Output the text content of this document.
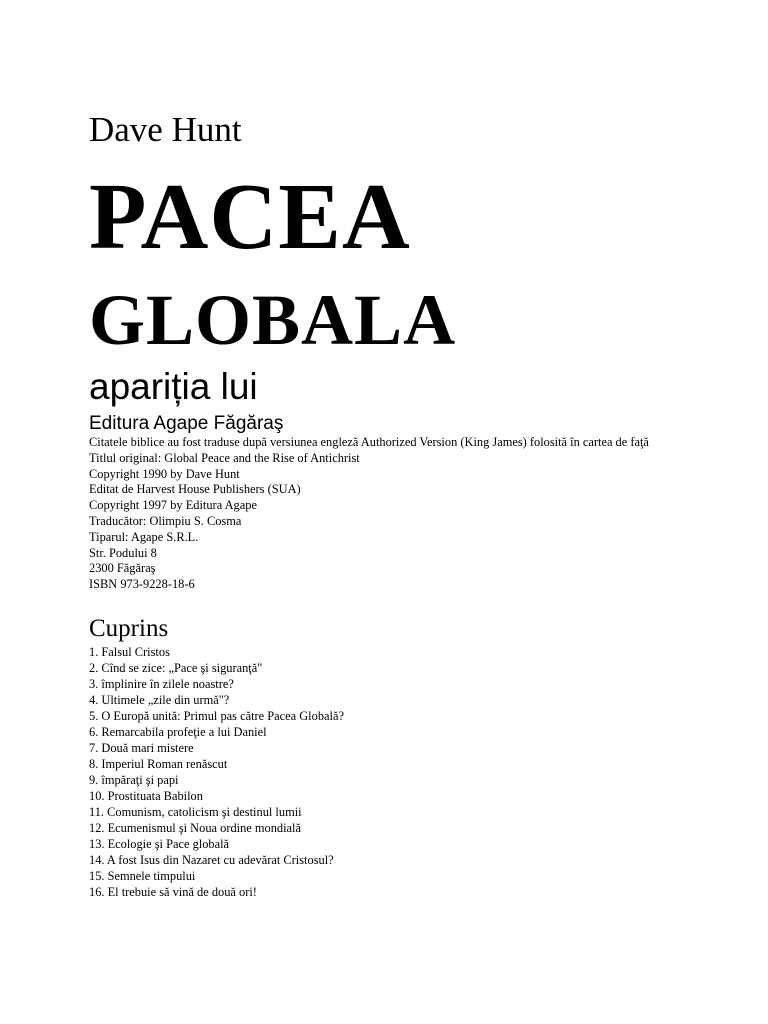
Dave Hunt
PACEA
GLOBALA
apariția lui
Editura Agape Făgăraş

Citatele biblice au fost traduse după versiunea engleză Authorized Version (King James) folosită în cartea de faţă

Titlul original: Global Peace and the Rise of Antichrist

Copyright 1990 by Dave Hunt

Editat de Harvest House Publishers (SUA)

Copyright 1997 by Editura Agape

Traducător: Olimpiu S. Cosma

Tiparul: Agape S.R.L.

Str. Podului 8

2300 Făgăraş

ISBN 973-9228-18-6

Cuprins
1. Falsul Cristos
2. Cînd se zice: „Pace şi siguranţă"
3. împlinire în zilele noastre?
4. Ultimele „zile din urmă"?
5. O Europă unită: Primul pas către Pacea Globală?
6. Remarcabila profeţie a lui Daniel
7. Două mari mistere
8. Imperiul Roman renăscut
9. împăraţi şi papi
10. Prostituata Babilon
11. Comunism, catolicism şi destinul lumii
12. Ecumenismul şi Noua ordine mondială
13. Ecologie şi Pace globală
14. A fost Isus din Nazaret cu adevărat Cristosul?
15. Semnele timpului
16. El trebuie să vină de două ori!
